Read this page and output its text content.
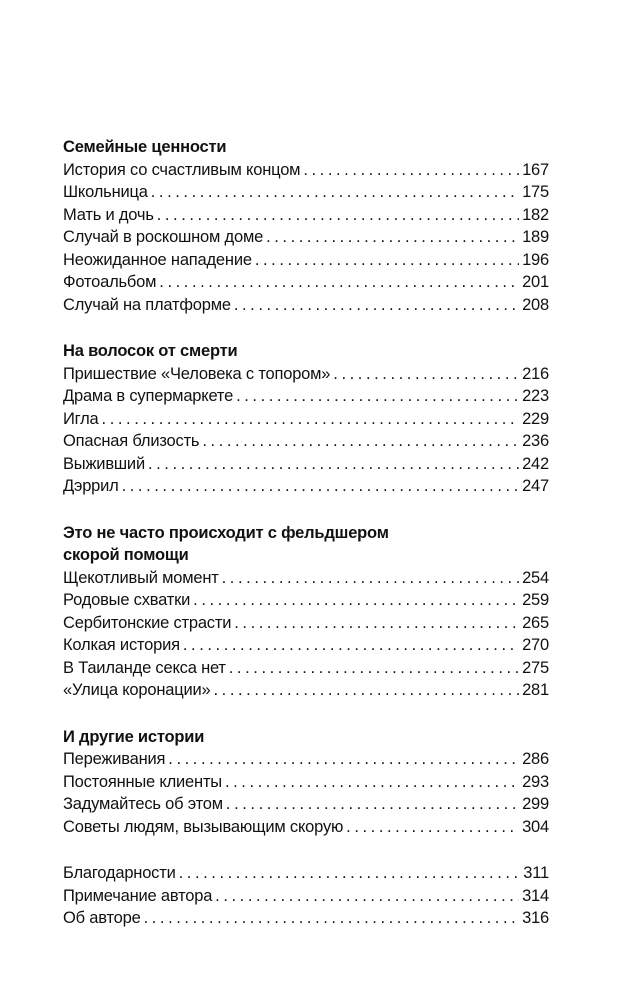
Семейные ценности
История со счастливым концом . . .	167
Школьница . . .	175
Мать и дочь . . .	182
Случай в роскошном доме . . .	189
Неожиданное нападение . . .	196
Фотоальбом . . .	201
Случай на платформе . . .	208
На волосок от смерти
Пришествие «Человека с топором» . . .	216
Драма в супермаркете . . .	223
Игла . . .	229
Опасная близость . . .	236
Выживший . . .	242
Дэррил . . .	247
Это не часто происходит с фельдшером
скорой помощи
Щекотливый момент . . .	254
Родовые схватки . . .	259
Сербитонские страсти . . .	265
Колкая история . . .	270
В Таиланде секса нет . . .	275
«Улица коронации» . . .	281
И другие истории
Переживания . . .	286
Постоянные клиенты . . .	293
Задумайтесь об этом . . .	299
Советы людям, вызывающим скорую . . .	304
Благодарности . . .	311
Примечание автора . . .	314
Об авторе . . .	316
